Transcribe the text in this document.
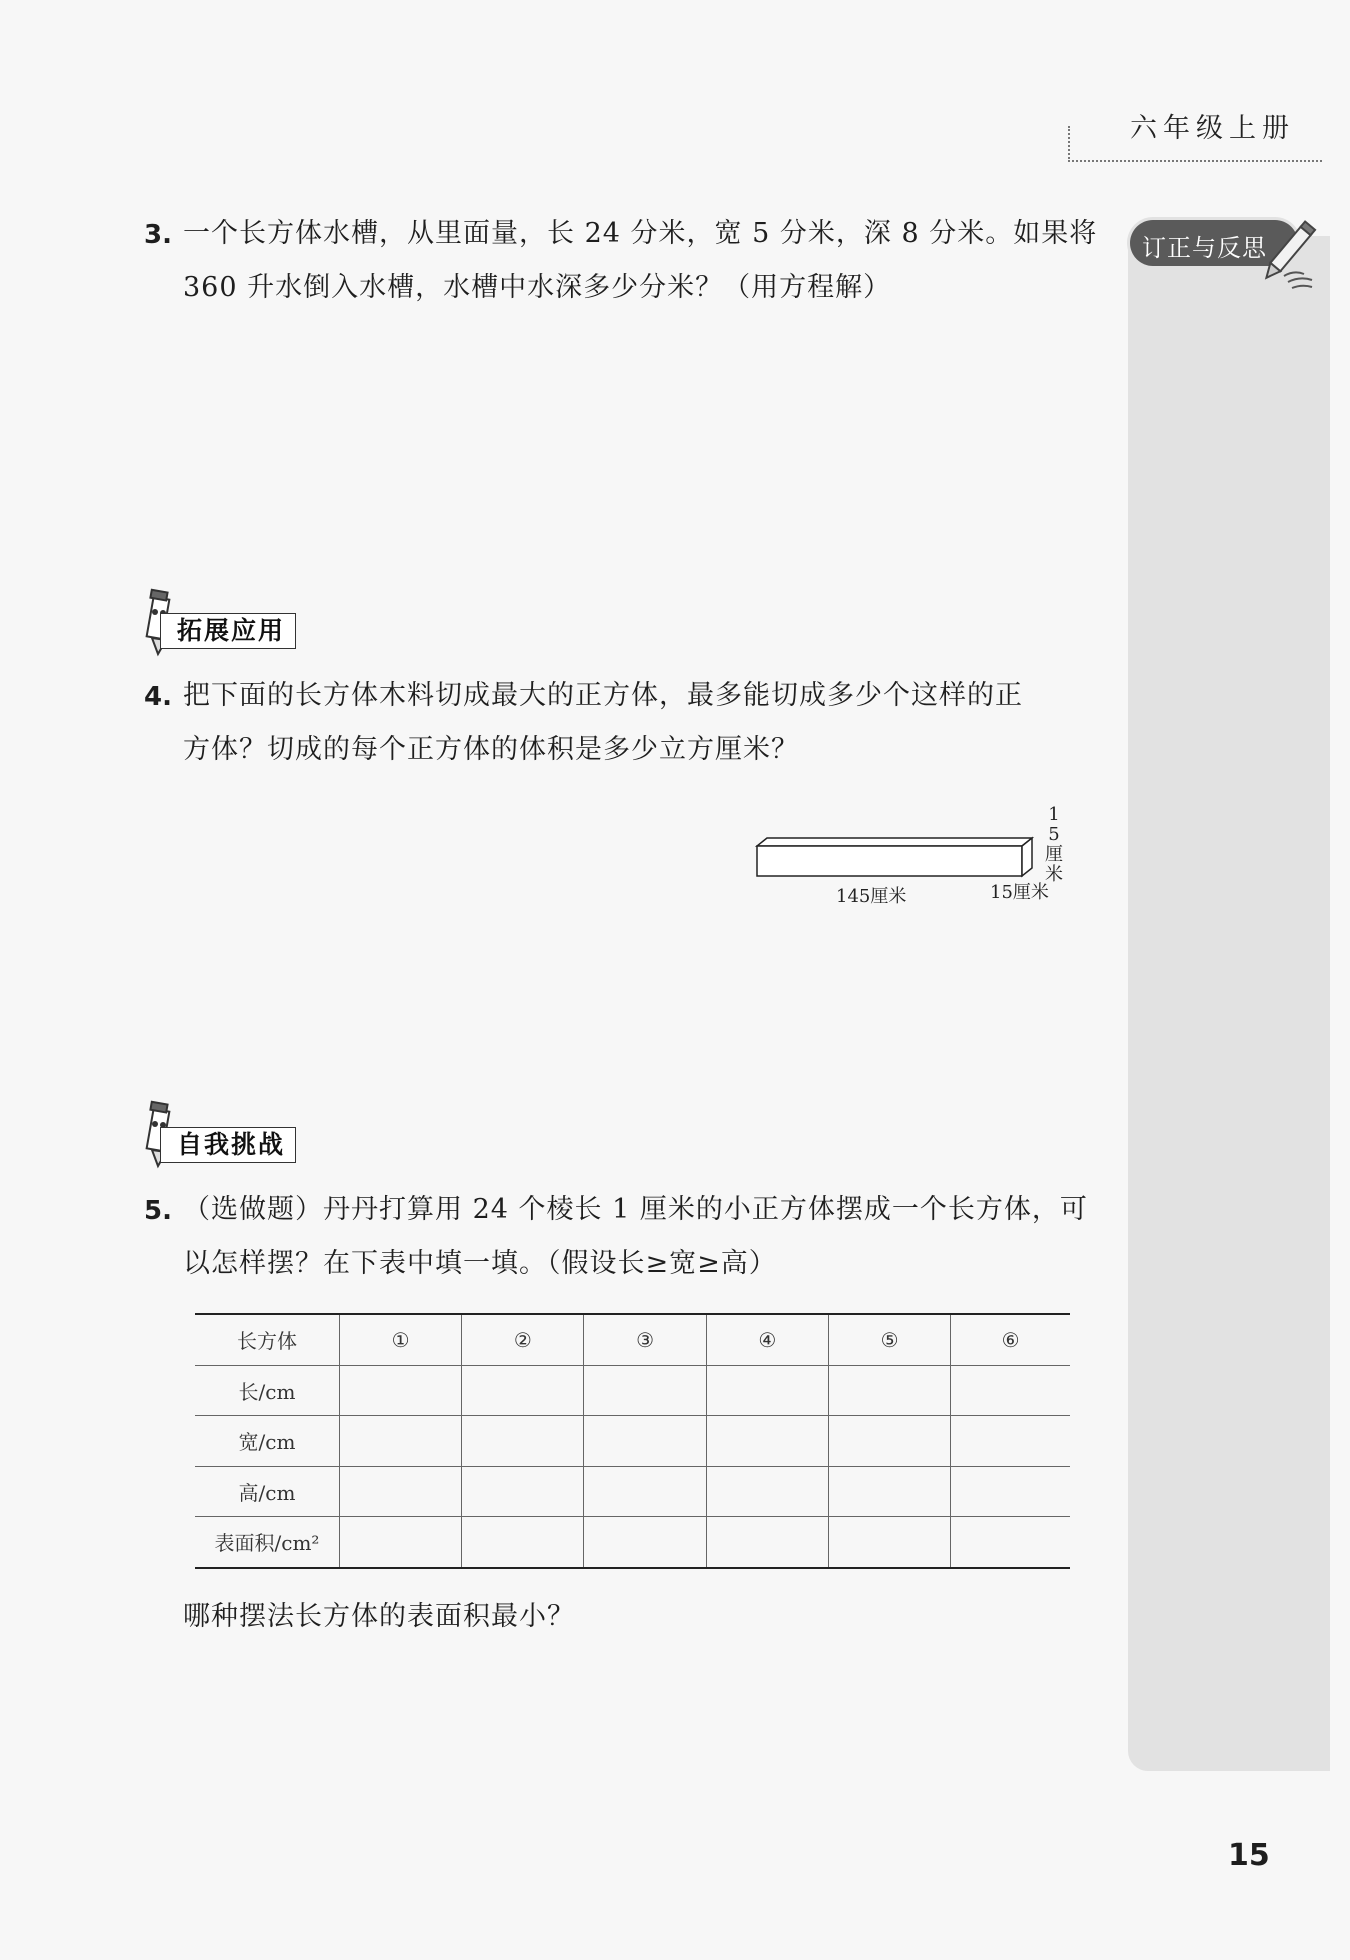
六年级上册
订正与反思
3. 一个长方体水槽，从里面量，长 24 分米，宽 5 分米，深 8 分米。如果将
360 升水倒入水槽，水槽中水深多少分米？（用方程解）
拓展应用
4. 把下面的长方体木料切成最大的正方体，最多能切成多少个这样的正
方体？切成的每个正方体的体积是多少立方厘米？
145厘米	15厘米
15厘米
自我挑战
5. （选做题）丹丹打算用 24 个棱长 1 厘米的小正方体摆成一个长方体，可
以怎样摆？在下表中填一填。（假设长≥宽≥高）
长方体	①	②	③	④	⑤	⑥
长/cm						
宽/cm						
高/cm						
表面积/cm²						
哪种摆法长方体的表面积最小？
15
